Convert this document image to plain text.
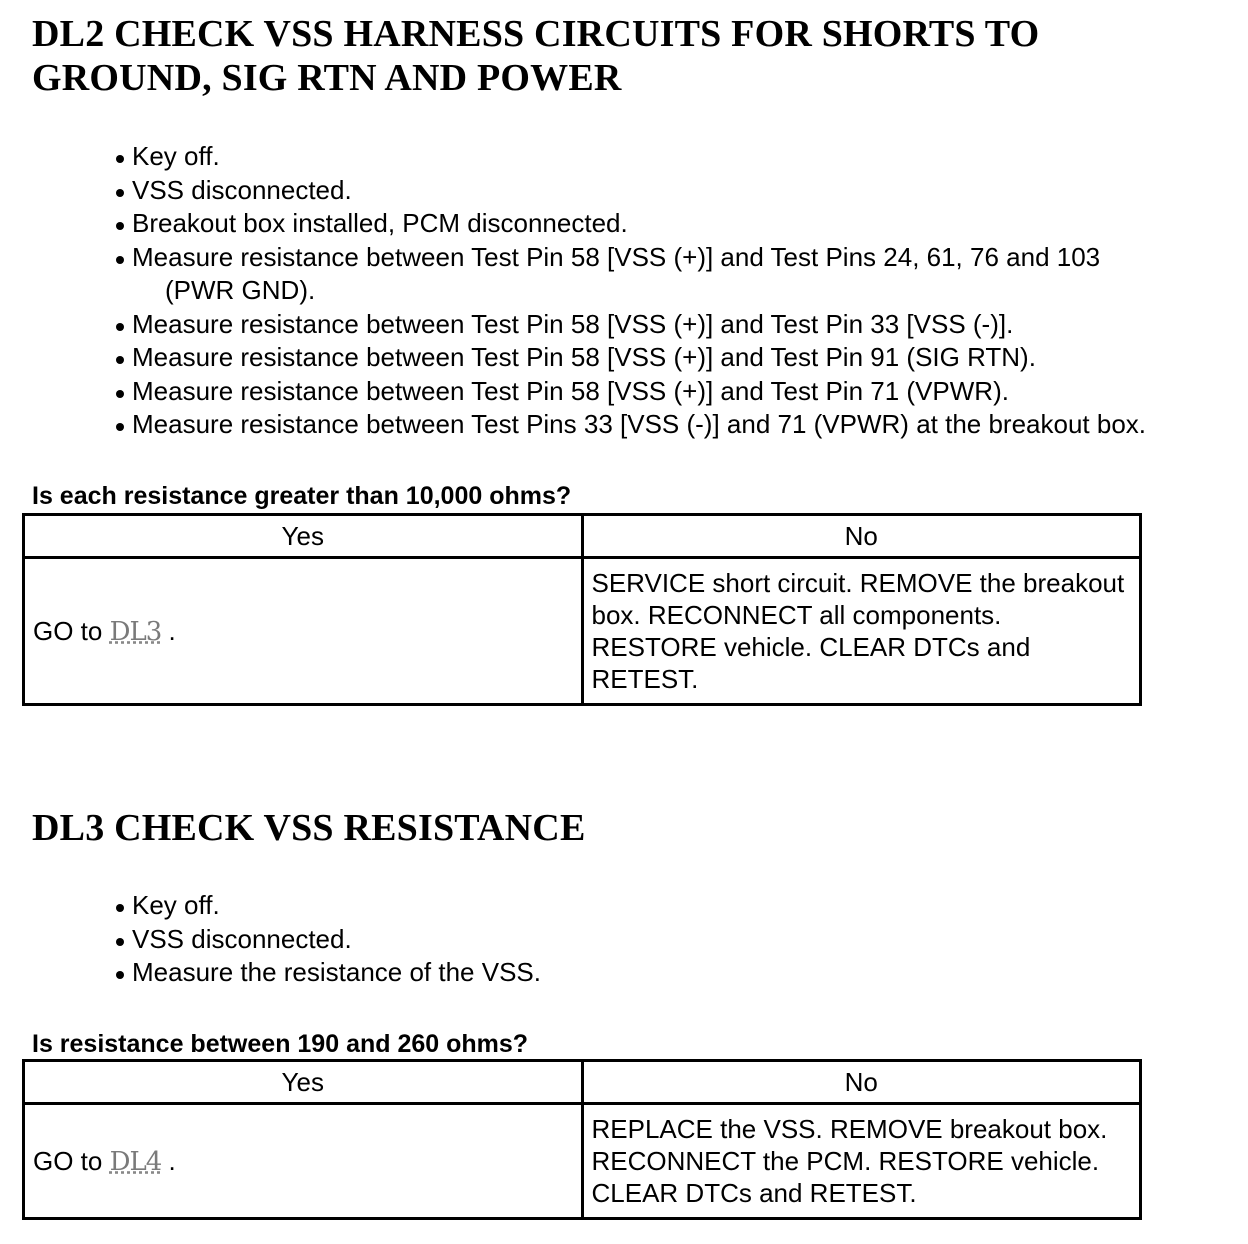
DL2 CHECK VSS HARNESS CIRCUITS FOR SHORTS TO GROUND, SIG RTN AND POWER
Key off.
VSS disconnected.
Breakout box installed, PCM disconnected.
Measure resistance between Test Pin 58 [VSS (+)] and Test Pins 24, 61, 76 and 103
(PWR GND).
Measure resistance between Test Pin 58 [VSS (+)] and Test Pin 33 [VSS (-)].
Measure resistance between Test Pin 58 [VSS (+)] and Test Pin 91 (SIG RTN).
Measure resistance between Test Pin 58 [VSS (+)] and Test Pin 71 (VPWR).
Measure resistance between Test Pins 33 [VSS (-)] and 71 (VPWR) at the breakout box.

Is each resistance greater than 10,000 ohms?

Yes	No
GO to DL3 .	SERVICE short circuit. REMOVE the breakout box. RECONNECT all components. RESTORE vehicle. CLEAR DTCs and RETEST.
DL3 CHECK VSS RESISTANCE
Key off.
VSS disconnected.
Measure the resistance of the VSS.

Is resistance between 190 and 260 ohms?

Yes	No
GO to DL4 .	REPLACE the VSS. REMOVE breakout box. RECONNECT the PCM. RESTORE vehicle. CLEAR DTCs and RETEST.
